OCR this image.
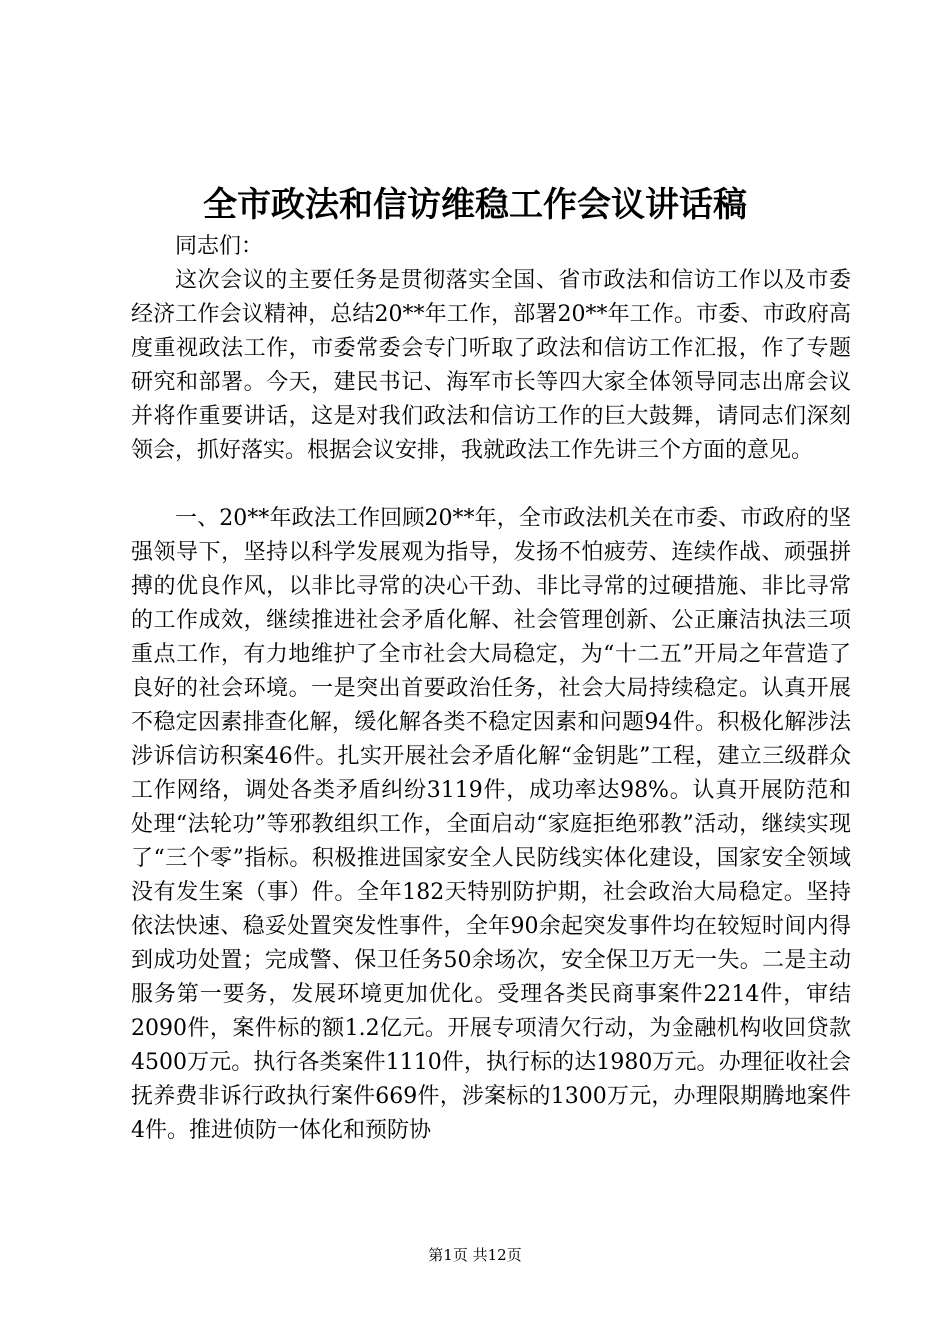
全市政法和信访维稳工作会议讲话稿

同志们：

这次会议的主要任务是贯彻落实全国、省市政法和信访工作以及市委经济工作会议精神，总结20**年工作，部署20**年工作。市委、市政府高度重视政法工作，市委常委会专门听取了政法和信访工作汇报，作了专题研究和部署。今天，建民书记、海军市长等四大家全体领导同志出席会议并将作重要讲话，这是对我们政法和信访工作的巨大鼓舞，请同志们深刻领会，抓好落实。根据会议安排，我就政法工作先讲三个方面的意见。

一、20**年政法工作回顾20**年，全市政法机关在市委、市政府的坚强领导下，坚持以科学发展观为指导，发扬不怕疲劳、连续作战、顽强拼搏的优良作风，以非比寻常的决心干劲、非比寻常的过硬措施、非比寻常的工作成效，继续推进社会矛盾化解、社会管理创新、公正廉洁执法三项重点工作，有力地维护了全市社会大局稳定，为“十二五”开局之年营造了良好的社会环境。一是突出首要政治任务，社会大局持续稳定。认真开展不稳定因素排查化解，缓化解各类不稳定因素和问题94件。积极化解涉法涉诉信访积案46件。扎实开展社会矛盾化解“金钥匙”工程，建立三级群众工作网络，调处各类矛盾纠纷3119件，成功率达98%。认真开展防范和处理“法轮功”等邪教组织工作，全面启动“家庭拒绝邪教”活动，继续实现了“三个零”指标。积极推进国家安全人民防线实体化建设，国家安全领域没有发生案（事）件。全年182天特别防护期，社会政治大局稳定。坚持依法快速、稳妥处置突发性事件，全年90余起突发事件均在较短时间内得到成功处置；完成警、保卫任务50余场次，安全保卫万无一失。二是主动服务第一要务，发展环境更加优化。受理各类民商事案件2214件，审结2090件，案件标的额1.2亿元。开展专项清欠行动，为金融机构收回贷款4500万元。执行各类案件1110件，执行标的达1980万元。办理征收社会抚养费非诉行政执行案件669件，涉案标的1300万元，办理限期腾地案件4件。推进侦防一体化和预防协

第1页 共12页
